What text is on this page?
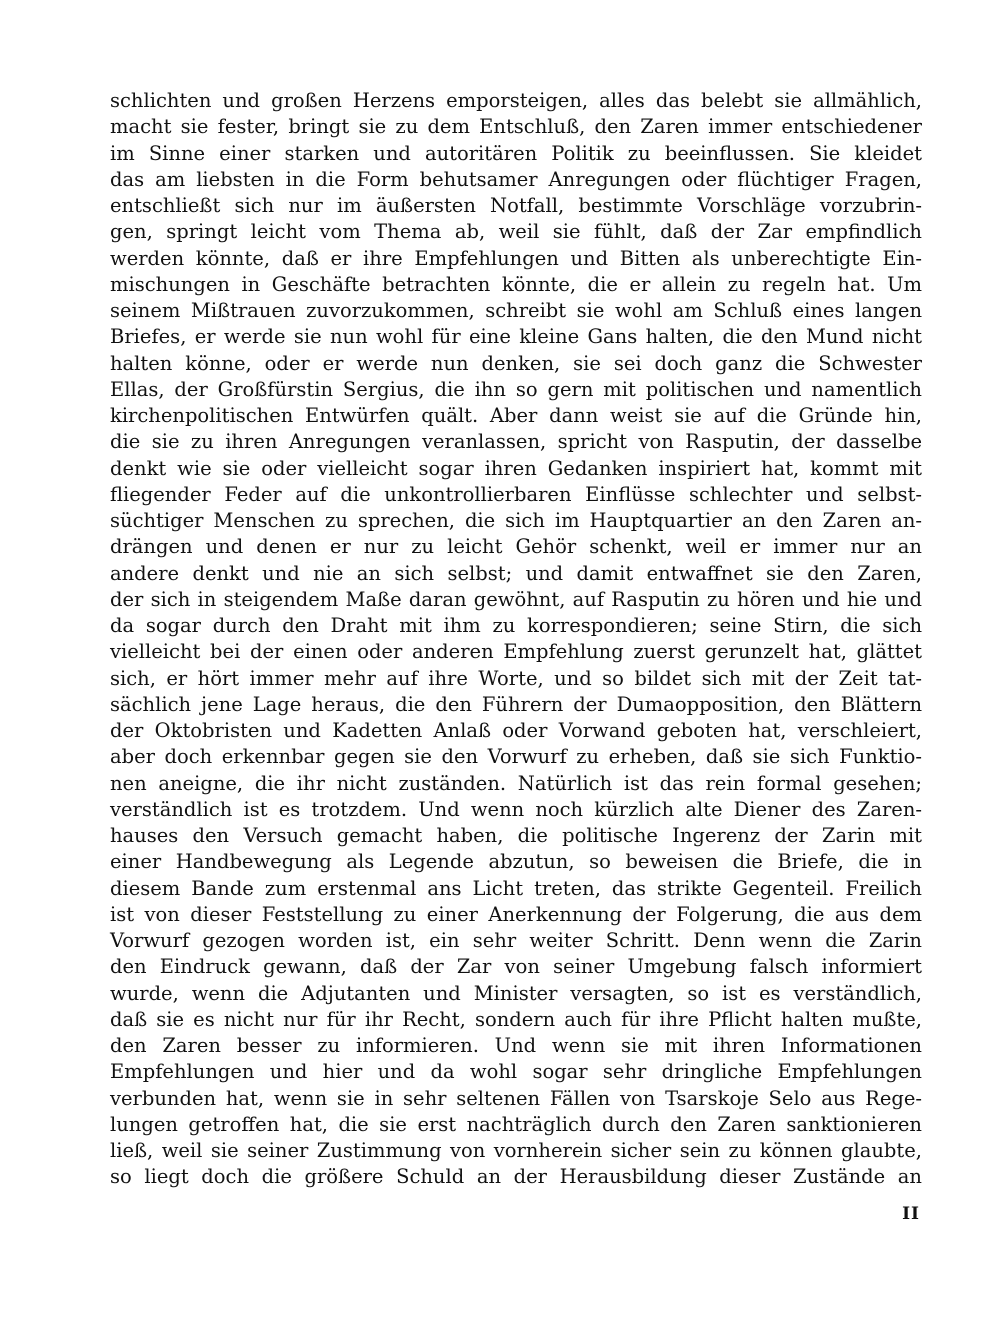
schlichten und großen Herzens emporsteigen, alles das belebt sie allmählich,
macht sie fester, bringt sie zu dem Entschluß, den Zaren immer entschiedener
im Sinne einer starken und autoritären Politik zu beeinflussen. Sie kleidet
das am liebsten in die Form behutsamer Anregungen oder flüchtiger Fragen,
entschließt sich nur im äußersten Notfall, bestimmte Vorschläge vorzubrin-
gen, springt leicht vom Thema ab, weil sie fühlt, daß der Zar empfindlich
werden könnte, daß er ihre Empfehlungen und Bitten als unberechtigte Ein-
mischungen in Geschäfte betrachten könnte, die er allein zu regeln hat. Um
seinem Mißtrauen zuvorzukommen, schreibt sie wohl am Schluß eines langen
Briefes, er werde sie nun wohl für eine kleine Gans halten, die den Mund nicht
halten könne, oder er werde nun denken, sie sei doch ganz die Schwester
Ellas, der Großfürstin Sergius, die ihn so gern mit politischen und namentlich
kirchenpolitischen Entwürfen quält. Aber dann weist sie auf die Gründe hin,
die sie zu ihren Anregungen veranlassen, spricht von Rasputin, der dasselbe
denkt wie sie oder vielleicht sogar ihren Gedanken inspiriert hat, kommt mit
fliegender Feder auf die unkontrollierbaren Einflüsse schlechter und selbst-
süchtiger Menschen zu sprechen, die sich im Hauptquartier an den Zaren an-
drängen und denen er nur zu leicht Gehör schenkt, weil er immer nur an
andere denkt und nie an sich selbst; und damit entwaffnet sie den Zaren,
der sich in steigendem Maße daran gewöhnt, auf Rasputin zu hören und hie und
da sogar durch den Draht mit ihm zu korrespondieren; seine Stirn, die sich
vielleicht bei der einen oder anderen Empfehlung zuerst gerunzelt hat, glättet
sich, er hört immer mehr auf ihre Worte, und so bildet sich mit der Zeit tat-
sächlich jene Lage heraus, die den Führern der Dumaopposition, den Blättern
der Oktobristen und Kadetten Anlaß oder Vorwand geboten hat, verschleiert,
aber doch erkennbar gegen sie den Vorwurf zu erheben, daß sie sich Funktio-
nen aneigne, die ihr nicht zuständen. Natürlich ist das rein formal gesehen;
verständlich ist es trotzdem. Und wenn noch kürzlich alte Diener des Zaren-
hauses den Versuch gemacht haben, die politische Ingerenz der Zarin mit
einer Handbewegung als Legende abzutun, so beweisen die Briefe, die in
diesem Bande zum erstenmal ans Licht treten, das strikte Gegenteil. Freilich
ist von dieser Feststellung zu einer Anerkennung der Folgerung, die aus dem
Vorwurf gezogen worden ist, ein sehr weiter Schritt. Denn wenn die Zarin
den Eindruck gewann, daß der Zar von seiner Umgebung falsch informiert
wurde, wenn die Adjutanten und Minister versagten, so ist es verständlich,
daß sie es nicht nur für ihr Recht, sondern auch für ihre Pflicht halten mußte,
den Zaren besser zu informieren. Und wenn sie mit ihren Informationen
Empfehlungen und hier und da wohl sogar sehr dringliche Empfehlungen
verbunden hat, wenn sie in sehr seltenen Fällen von Tsarskoje Selo aus Rege-
lungen getroffen hat, die sie erst nachträglich durch den Zaren sanktionieren
ließ, weil sie seiner Zustimmung von vornherein sicher sein zu können glaubte,
so liegt doch die größere Schuld an der Herausbildung dieser Zustände an
II
